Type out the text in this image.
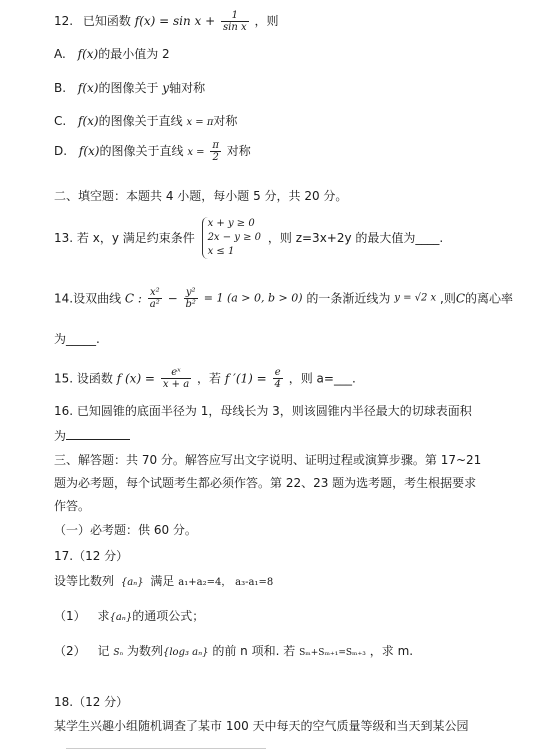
12. 已知函数 $f(x) = \sin x + \frac{1}{\text{sin x}}$ ，则
A. f(x)的最小值为 2
B. f(x)的图像关于 y轴对称
C. f(x)的图像关于直线 x = π对称
D. f(x)的图像关于直线 $x = \frac{\pi}{2}$ 对称
二、填空题：本题共 4 小题，每小题 5 分，共 20 分。
13. 若 x，y 满足约束条件
x + y ≥ 0
2x − y ≥ 0
x ≤ 1
，则 z=3x+2y 的最大值为____.
14.设双曲线 C : $\frac{\text{x²}}{\text{a²}} - \frac{\text{y²}}{\text{b²}} = 1$ (a > 0, b > 0) 的一条渐近线为 y = √2 x ,则C的离心率
为_____.
15. 设函数 f $(x) = \frac{\text{eˣ}}{x + a}$ ，若 f $'(1) = \frac{e}{4}$ ，则 a=___.
16. 已知圆锥的底面半径为 1，母线长为 3，则该圆锥内半径最大的切球表面积
为
三、解答题：共 70 分。解答应写出文字说明、证明过程或演算步骤。第 17~21
题为必考题，每个试题考生都必须作答。第 22、23 题为选考题，考生根据要求
作答。
（一）必考题：供 60 分。
17.（12 分）
设等比数列 {aₙ} 满足 a₁+a₂=4， a₃-a₁=8
（1） 求{aₙ}的通项公式；
（2） 记 Sₙ 为数列{log₃ aₙ} 的前 n 项和. 若 Sₘ+Sₘ₊₁=Sₘ₊₃ ，求 m.
18.（12 分）
某学生兴趣小组随机调查了某市 100 天中每天的空气质量等级和当天到某公园
